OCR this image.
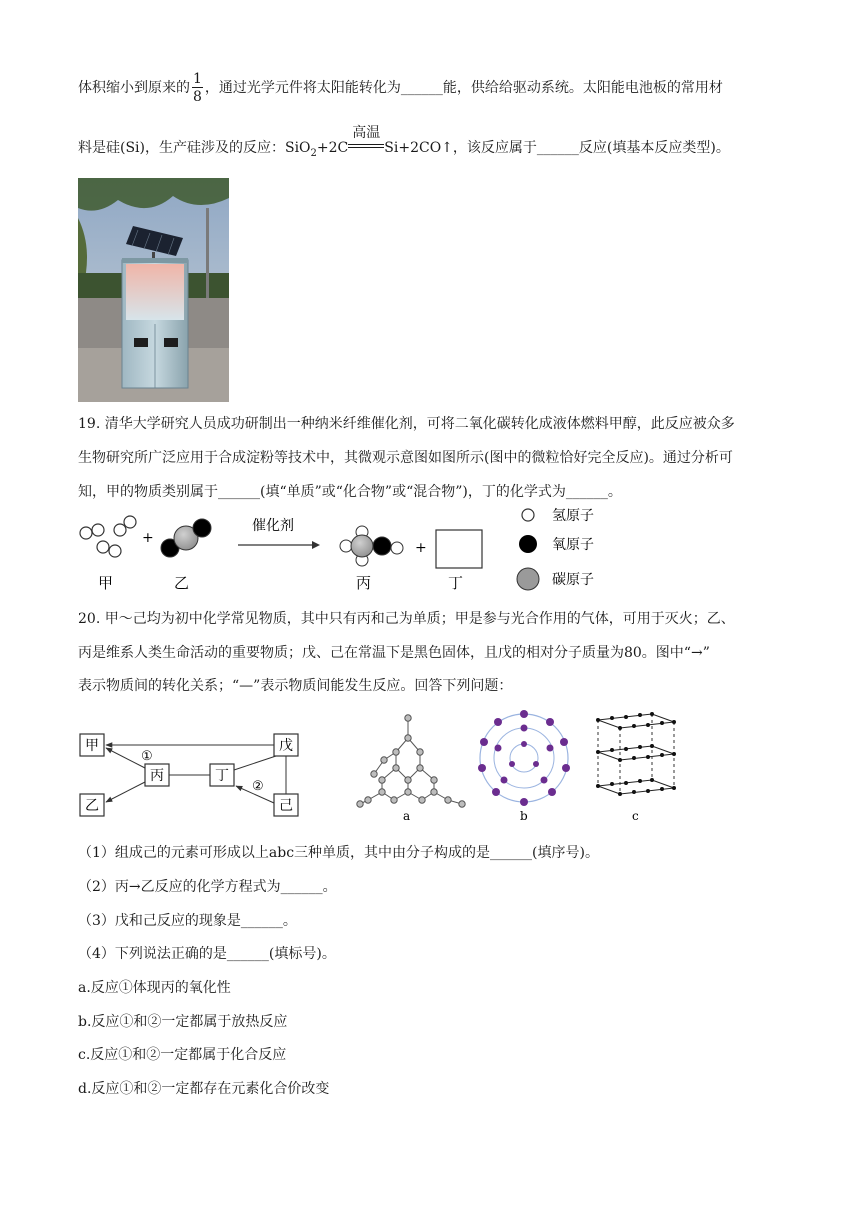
体积缩小到原来的 $\frac{1}{8}$ ，通过光学元件将太阳能转化为______能，供给给驱动系统。太阳能电池板的常用材
料是硅(Si)，生产硅涉及的反应：SiO$_2$+2C
高温
Si+2CO↑，该反应属于______反应(填基本反应类型)。
19. 清华大学研究人员成功研制出一种纳米纤维催化剂，可将二氧化碳转化成液体燃料甲醇，此反应被众多
生物研究所广泛应用于合成淀粉等技术中，其微观示意图如图所示(图中的微粒恰好完全反应)。通过分析可
知，甲的物质类别属于______(填“单质”或“化合物”或“混合物”)，丁的化学式为______。
甲
+
乙
催化剂
丙
+
丁
氢原子
氧原子
碳原子
20. 甲～己均为初中化学常见物质，其中只有丙和己为单质；甲是参与光合作用的气体，可用于灭火；乙、
丙是维系人类生命活动的重要物质；戊、己在常温下是黑色固体，且戊的相对分子质量为80。图中“→”
表示物质间的转化关系；“—”表示物质间能发生反应。回答下列问题：
甲
乙
丙	丁
戊
己
①
②
a	b	c
（1）组成己的元素可形成以上abc三种单质，其中由分子构成的是______(填序号)。
（2）丙→乙反应的化学方程式为______。
（3）戊和己反应的现象是______。
（4）下列说法正确的是______(填标号)。
a.反应①体现丙的氧化性
b.反应①和②一定都属于放热反应
c.反应①和②一定都属于化合反应
d.反应①和②一定都存在元素化合价改变
